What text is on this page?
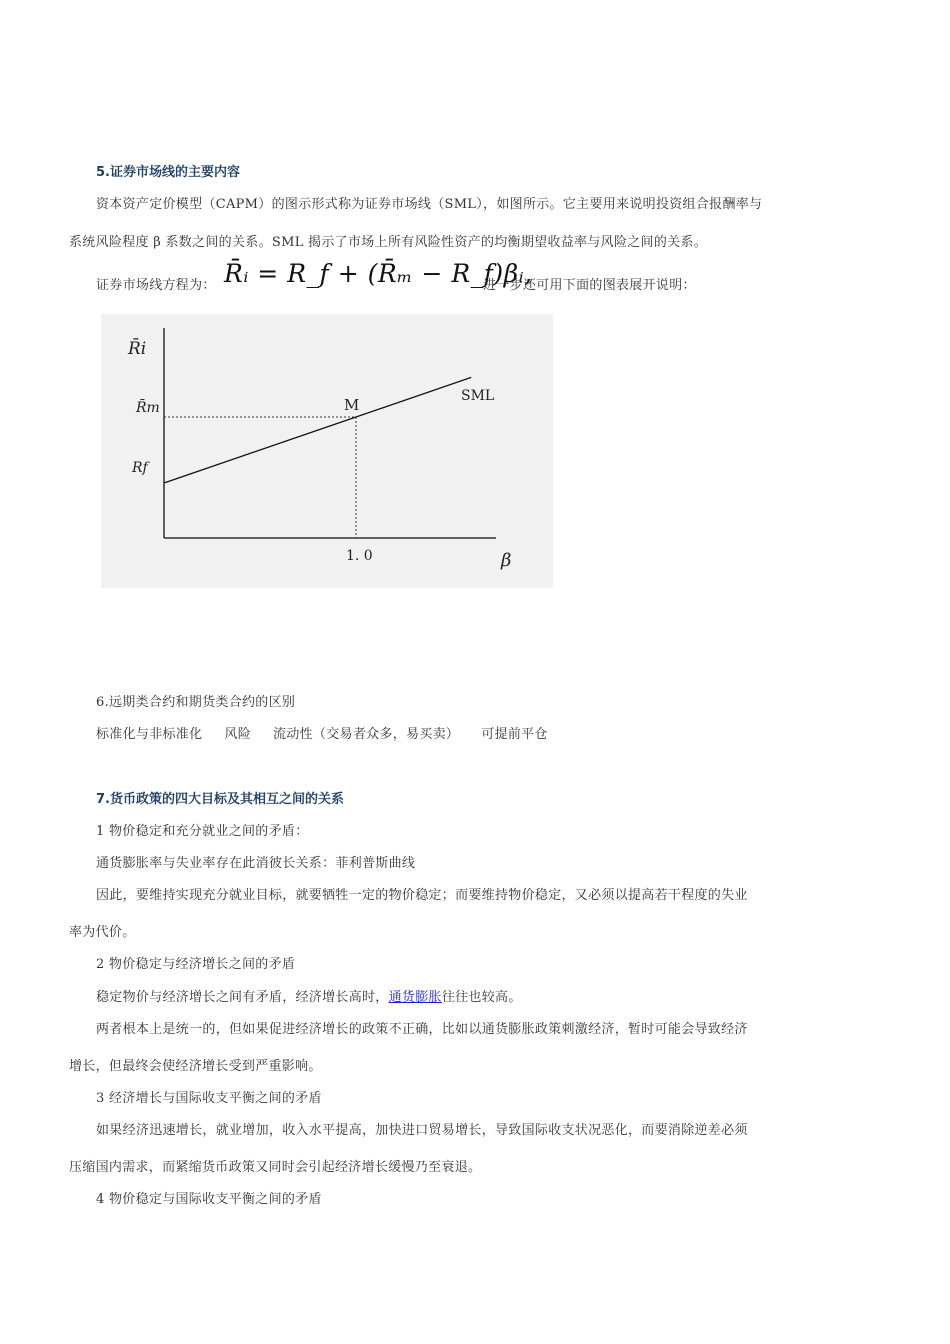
5.证券市场线的主要内容
资本资产定价模型（CAPM）的图示形式称为证券市场线（SML），如图所示。它主要用来说明投资组合报酬率与
系统风险程度 β 系数之间的关系。SML 揭示了市场上所有风险性资产的均衡期望收益率与风险之间的关系。
证券市场线方程为： R̄ᵢ = R_f + (R̄ₘ − R_f)βᵢ,
进一步还可用下面的图表展开说明：
R̄i
R̄m
Rf
M	SML
1. 0	β
6.远期类合约和期货类合约的区别
标准化与非标准化 风险 流动性（交易者众多，易买卖） 可提前平仓
7.货币政策的四大目标及其相互之间的关系
1 物价稳定和充分就业之间的矛盾：
通货膨胀率与失业率存在此消彼长关系：菲利普斯曲线
因此，要维持实现充分就业目标，就要牺牲一定的物价稳定；而要维持物价稳定，又必须以提高若干程度的失业
率为代价。
2 物价稳定与经济增长之间的矛盾
稳定物价与经济增长之间有矛盾，经济增长高时，通货膨胀往往也较高。
两者根本上是统一的，但如果促进经济增长的政策不正确，比如以通货膨胀政策刺激经济，暂时可能会导致经济
增长，但最终会使经济增长受到严重影响。
3 经济增长与国际收支平衡之间的矛盾
如果经济迅速增长，就业增加，收入水平提高，加快进口贸易增长，导致国际收支状况恶化，而要消除逆差必须
压缩国内需求，而紧缩货币政策又同时会引起经济增长缓慢乃至衰退。
4 物价稳定与国际收支平衡之间的矛盾
